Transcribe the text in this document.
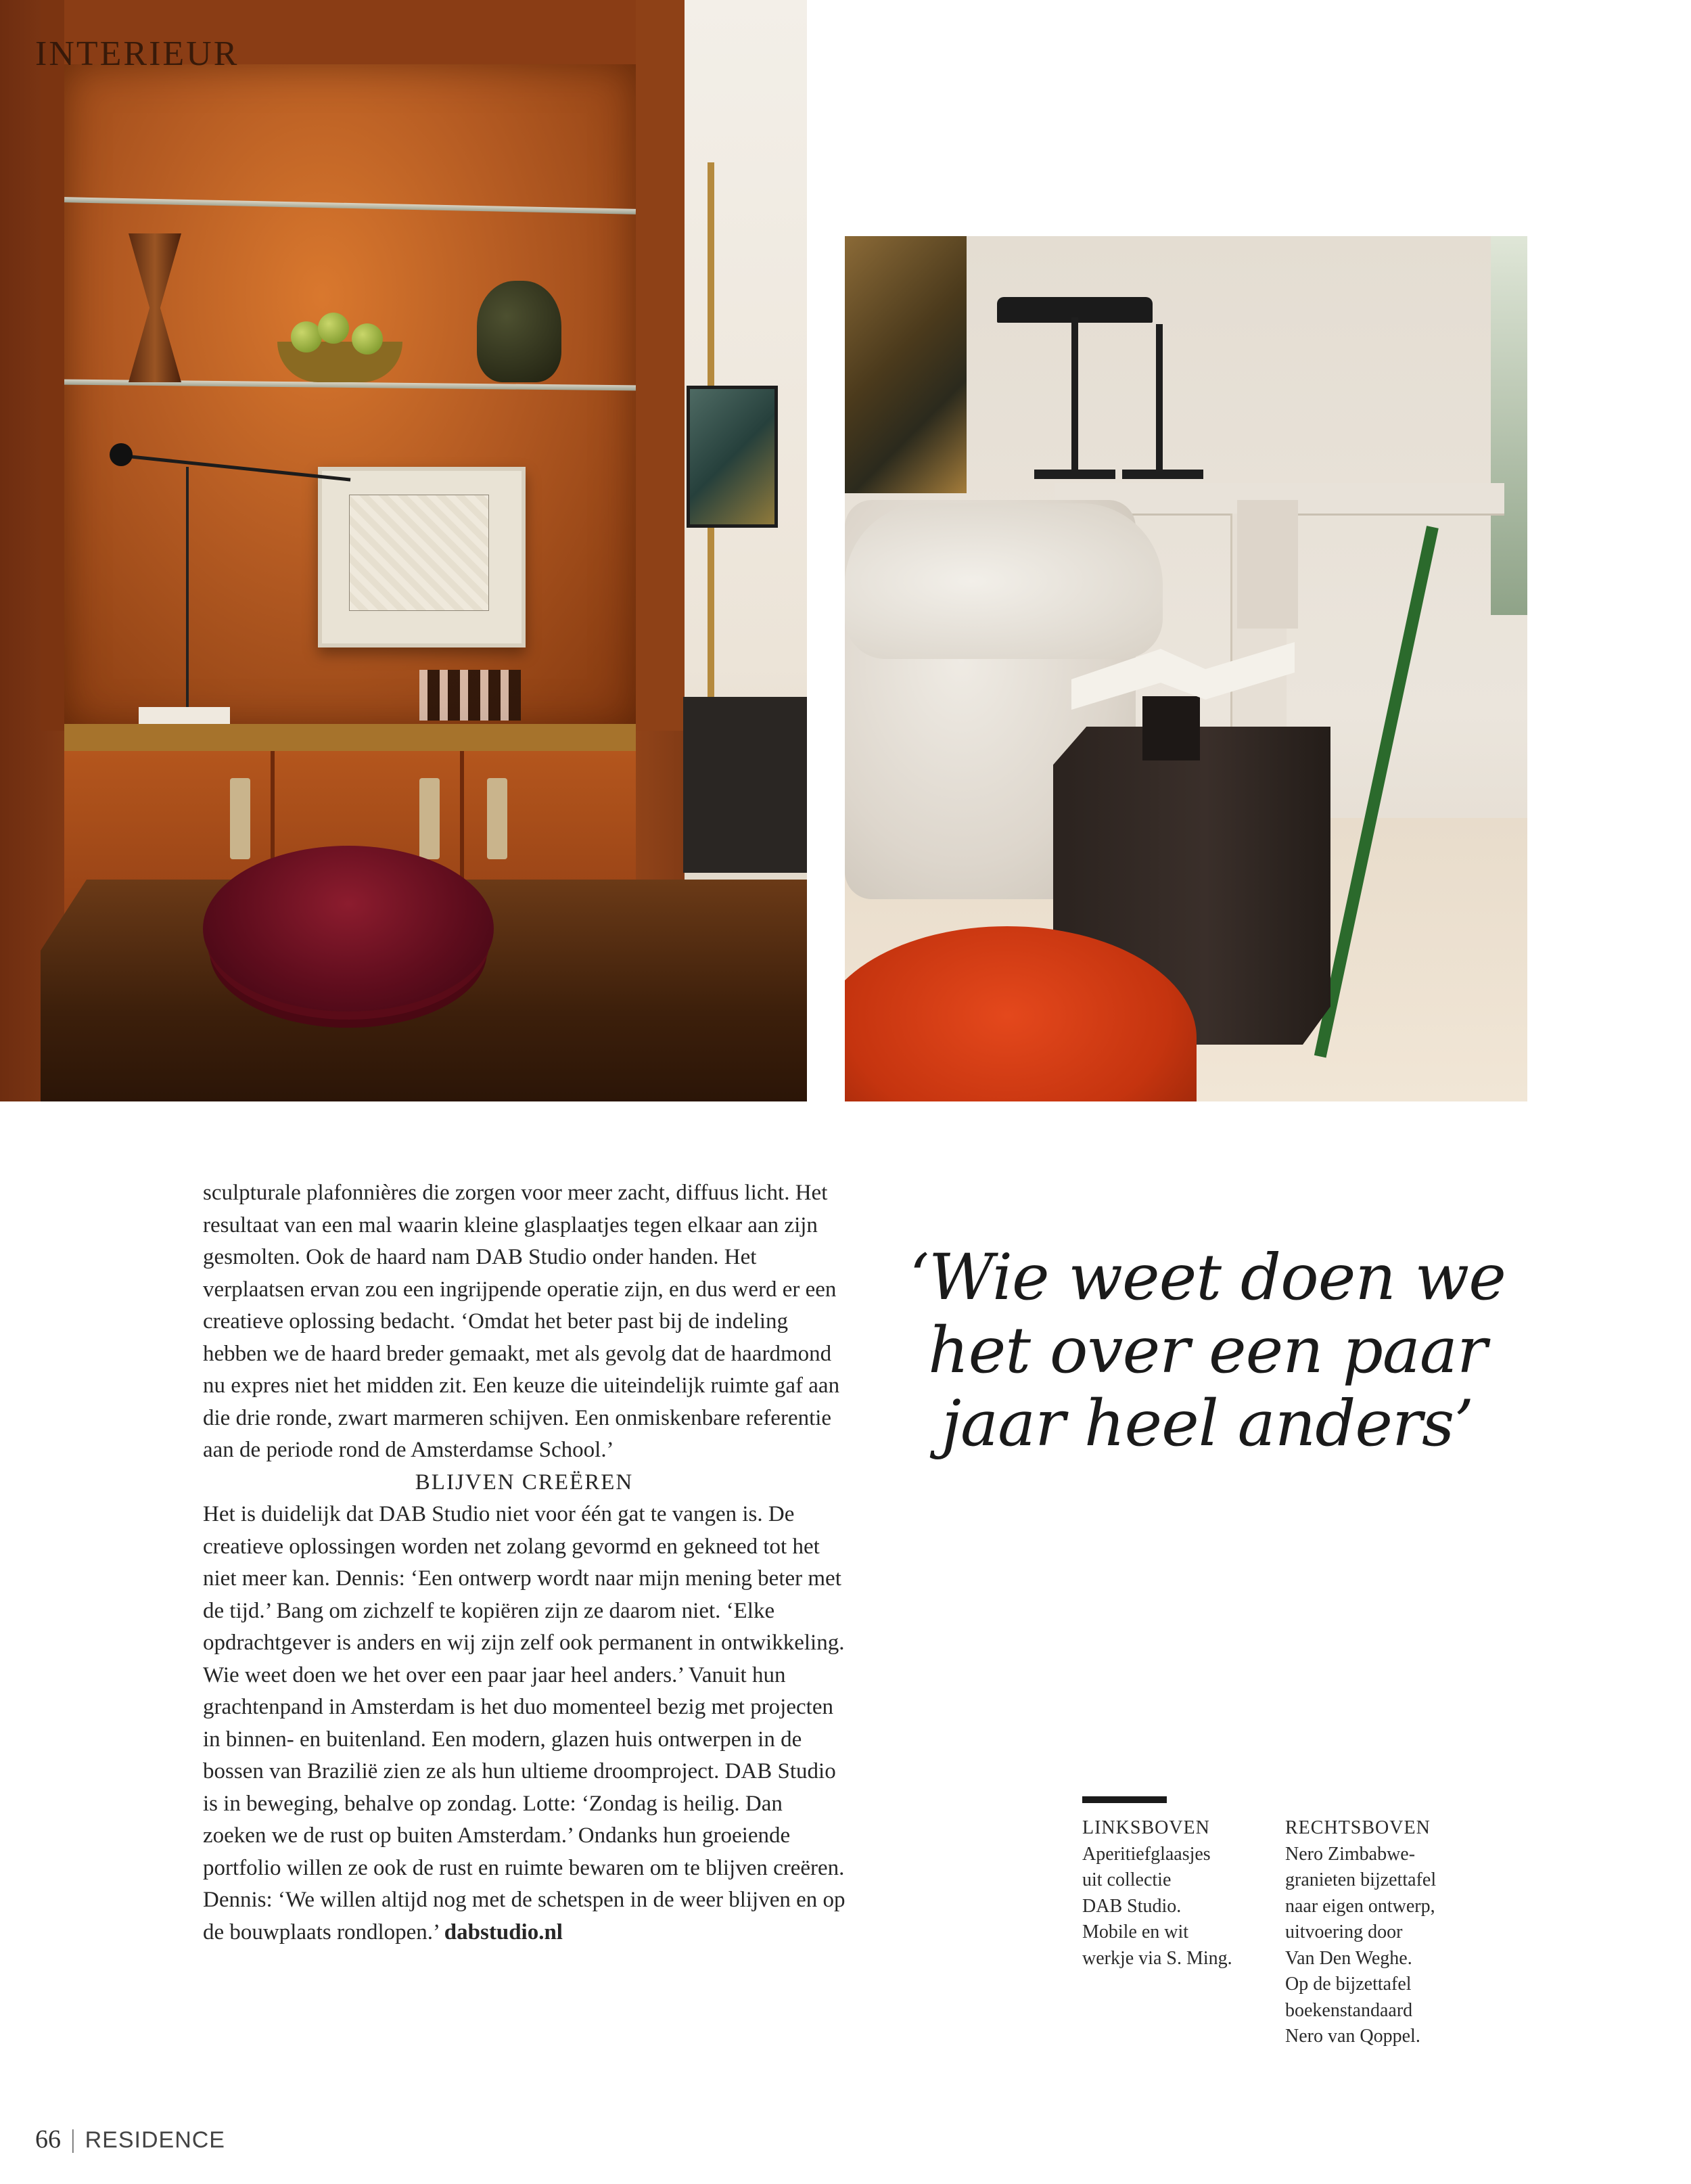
INTERIEUR

sculpturale plafonnières die zorgen voor meer zacht, diffuus licht. Het resultaat van een mal waarin kleine glasplaatjes tegen elkaar aan zijn gesmolten. Ook de haard nam DAB Studio onder handen. Het verplaatsen ervan zou een ingrijpende operatie zijn, en dus werd er een creatieve oplossing bedacht. ‘Omdat het beter past bij de indeling hebben we de haard breder gemaakt, met als gevolg dat de haardmond nu expres niet het midden zit. Een keuze die uiteindelijk ruimte gaf aan die drie ronde, zwart marmeren schijven. Een onmiskenbare referentie aan de periode rond de Amsterdamse School.’

BLIJVEN CREËREN

Het is duidelijk dat DAB Studio niet voor één gat te vangen is. De creatieve oplossingen worden net zolang gevormd en gekneed tot het niet meer kan. Dennis: ‘Een ontwerp wordt naar mijn mening beter met de tijd.’ Bang om zichzelf te kopiëren zijn ze daarom niet. ‘Elke opdrachtgever is anders en wij zijn zelf ook permanent in ontwikkeling. Wie weet doen we het over een paar jaar heel anders.’ Vanuit hun grachtenpand in Amsterdam is het duo momenteel bezig met projecten in binnen- en buitenland. Een modern, glazen huis ontwerpen in de bossen van Brazilië zien ze als hun ultieme droomproject. DAB Studio is in beweging, behalve op zondag. Lotte: ‘Zondag is heilig. Dan zoeken we de rust op buiten Amsterdam.’ Ondanks hun groeiende portfolio willen ze ook de rust en ruimte bewaren om te blijven creëren. Dennis: ‘We willen altijd nog met de schetspen in de weer blijven en op de bouwplaats rondlopen.’ dabstudio.nl

‘Wie weet doen we
het over een paar
jaar heel anders’
LINKSBOVEN
Aperitiefglaasjes
uit collectie
DAB Studio.
Mobile en wit
werkje via S. Ming.
RECHTSBOVEN
Nero Zimbabwe-
granieten bijzettafel
naar eigen ontwerp,
uitvoering door
Van Den Weghe.
Op de bijzettafel
boekenstandaard
Nero van Qoppel.
66 | RESIDENCE
